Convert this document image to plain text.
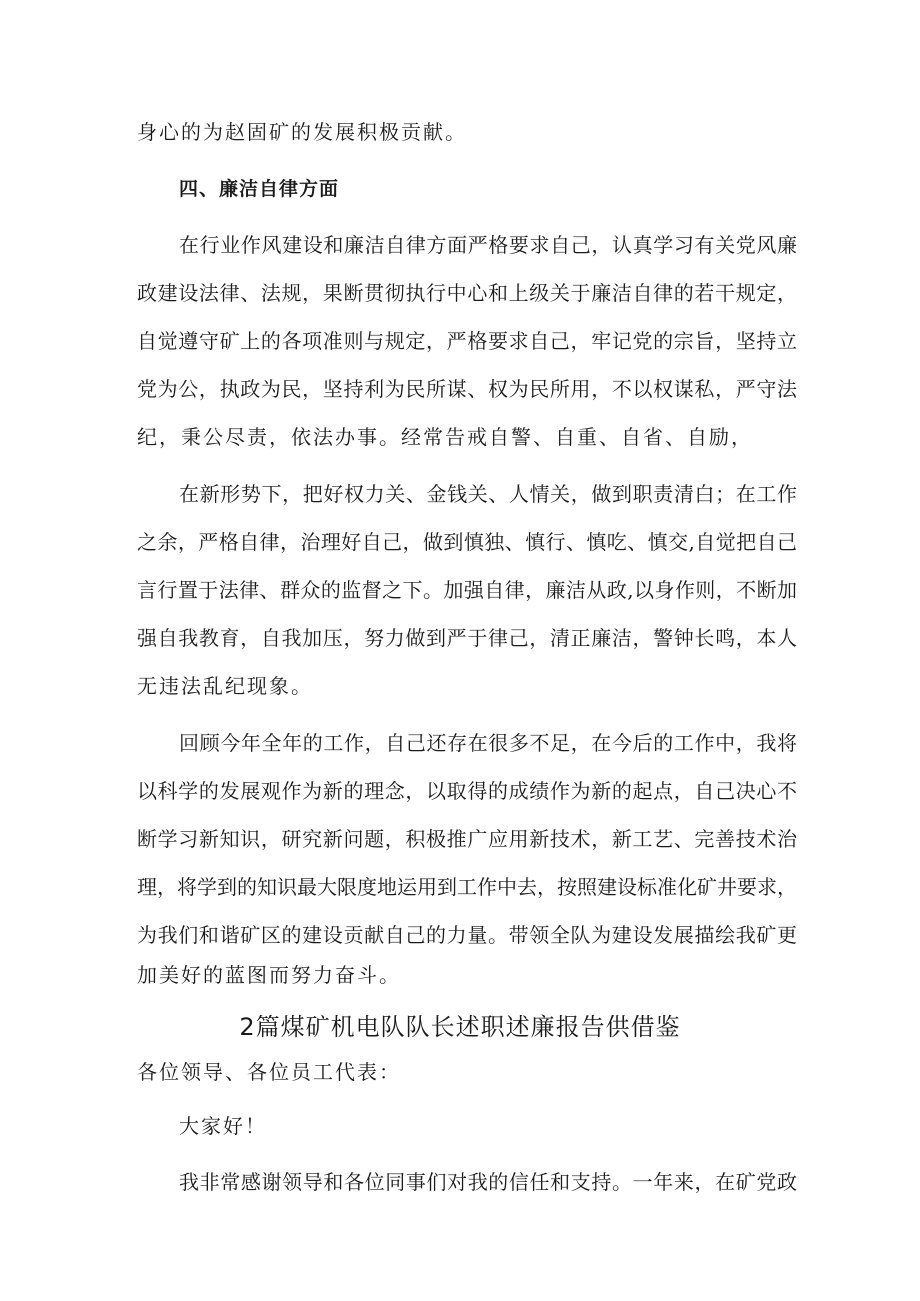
身心的为赵固矿的发展积极贡献。
四、廉洁自律方面
在行业作风建设和廉洁自律方面严格要求自己，认真学习有关党风廉
政建设法律、法规，果断贯彻执行中心和上级关于廉洁自律的若干规定，
自觉遵守矿上的各项准则与规定，严格要求自己，牢记党的宗旨，坚持立
党为公，执政为民，坚持利为民所谋、权为民所用，不以权谋私，严守法
纪，秉公尽责，依法办事。经常告戒自警、自重、自省、自励，
在新形势下，把好权力关、金钱关、人情关，做到职责清白；在工作
之余，严格自律，治理好自己，做到慎独、慎行、慎吃、慎交,自觉把自己
言行置于法律、群众的监督之下。加强自律，廉洁从政,以身作则，不断加
强自我教育，自我加压，努力做到严于律己，清正廉洁，警钟长鸣，本人
无违法乱纪现象。
回顾今年全年的工作，自己还存在很多不足，在今后的工作中，我将
以科学的发展观作为新的理念，以取得的成绩作为新的起点，自己决心不
断学习新知识，研究新问题，积极推广应用新技术，新工艺、完善技术治
理，将学到的知识最大限度地运用到工作中去，按照建设标准化矿井要求，
为我们和谐矿区的建设贡献自己的力量。带领全队为建设发展描绘我矿更
加美好的蓝图而努力奋斗。
2篇煤矿机电队队长述职述廉报告供借鉴
各位领导、各位员工代表：
大家好！
我非常感谢领导和各位同事们对我的信任和支持。一年来，在矿党政
